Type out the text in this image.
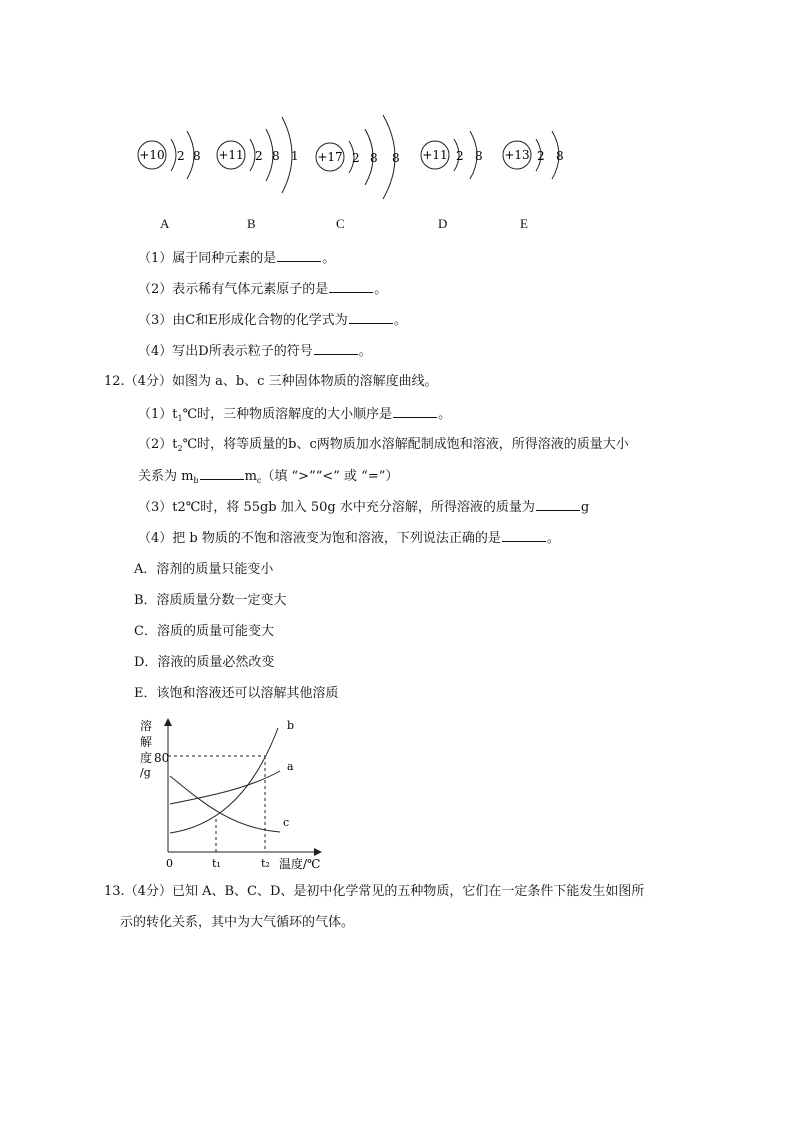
+10 2 8
A
+11 2 8 1
B
+17 2 8 8
C
+11 2 8
D
+13 2 8
E
（1）属于同种元素的是	。
（2）表示稀有气体元素原子的是	。
（3）由C和E形成化合物的化学式为	。
（4）写出D所表示粒子的符号	。
12.（4分）如图为 a、b、c 三种固体物质的溶解度曲线。
$(1)t_1℃$时，三种物质溶解度的大小顺序是	。
$(2)t_2℃$时，将等质量的b、c两物质加水溶解配制成饱和溶液，所得溶液的质量大小
关系为 $m_b$	$m_c$（填 “>”“<” 或 “=”）
（3）t2℃时，将 55gb 加入 50g 水中充分溶解，所得溶液的质量为	g
（4）把 b 物质的不饱和溶液变为饱和溶液，下列说法正确的是	。
A．溶剂的质量只能变小
B．溶质质量分数一定变大
C．溶质的质量可能变大
D．溶液的质量必然改变
E．该饱和溶液还可以溶解其他溶质
溶
解
度 80
/g
b
a
c
0	t₁	t₂ 温度/℃
13.（4分）已知 A、B、C、D、是初中化学常见的五种物质，它们在一定条件下能发生如图所
示的转化关系，其中为大气循环的气体。
